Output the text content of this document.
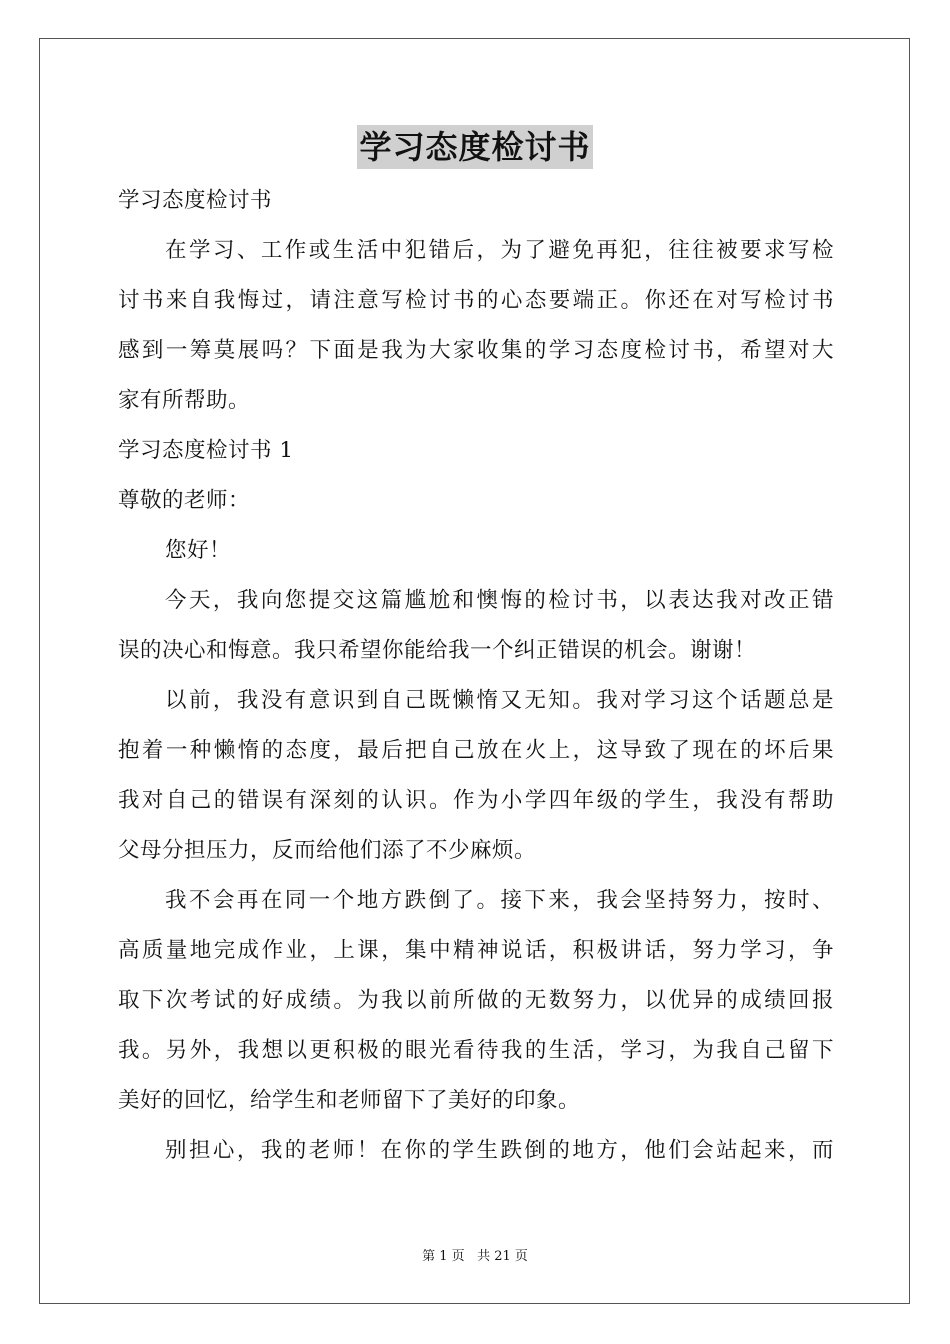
学习态度检讨书
学习态度检讨书
在学习、工作或生活中犯错后，为了避免再犯，往往被要求写检
讨书来自我悔过，请注意写检讨书的心态要端正。你还在对写检讨书
感到一筹莫展吗？下面是我为大家收集的学习态度检讨书，希望对大
家有所帮助。
学习态度检讨书 1
尊敬的老师：
您好！
今天，我向您提交这篇尴尬和懊悔的检讨书，以表达我对改正错
误的决心和悔意。我只希望你能给我一个纠正错误的机会。谢谢！
以前，我没有意识到自己既懒惰又无知。我对学习这个话题总是
抱着一种懒惰的态度，最后把自己放在火上，这导致了现在的坏后果
我对自己的错误有深刻的认识。作为小学四年级的学生，我没有帮助
父母分担压力，反而给他们添了不少麻烦。
我不会再在同一个地方跌倒了。接下来，我会坚持努力，按时、
高质量地完成作业，上课，集中精神说话，积极讲话，努力学习，争
取下次考试的好成绩。为我以前所做的无数努力，以优异的成绩回报
我。另外，我想以更积极的眼光看待我的生活，学习，为我自己留下
美好的回忆，给学生和老师留下了美好的印象。
别担心，我的老师！在你的学生跌倒的地方，他们会站起来，而
第 1 页 共 21 页
